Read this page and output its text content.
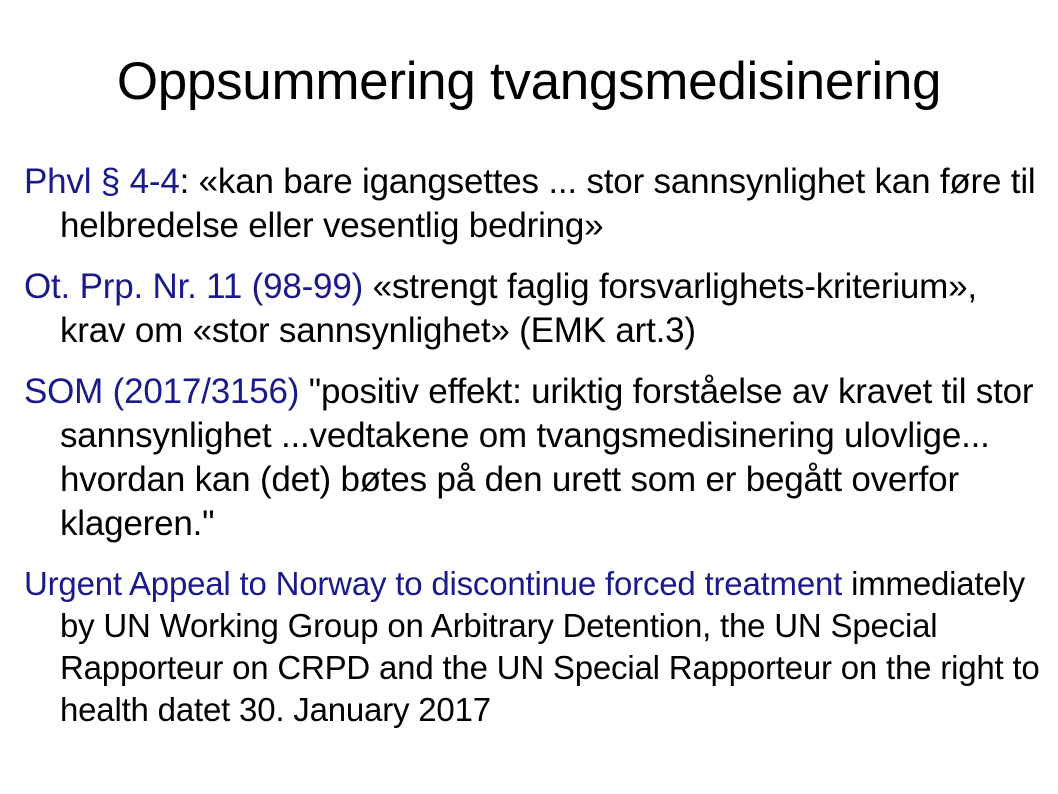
Oppsummering tvangsmedisinering
Phvl § 4-4: «kan bare igangsettes ... stor sannsynlighet kan føre til helbredelse eller vesentlig bedring»
Ot. Prp. Nr. 11 (98-99) «strengt faglig forsvarlighets-kriterium», krav om «stor sannsynlighet» (EMK art.3)
SOM (2017/3156) "positiv effekt: uriktig forståelse av kravet til stor sannsynlighet ...vedtakene om tvangsmedisinering ulovlige... hvordan kan (det) bøtes på den urett som er begått overfor klageren."
Urgent Appeal to Norway to discontinue forced treatment immediately by UN Working Group on Arbitrary Detention, the UN Special Rapporteur on CRPD and the UN Special Rapporteur on the right to health datet 30. January 2017
